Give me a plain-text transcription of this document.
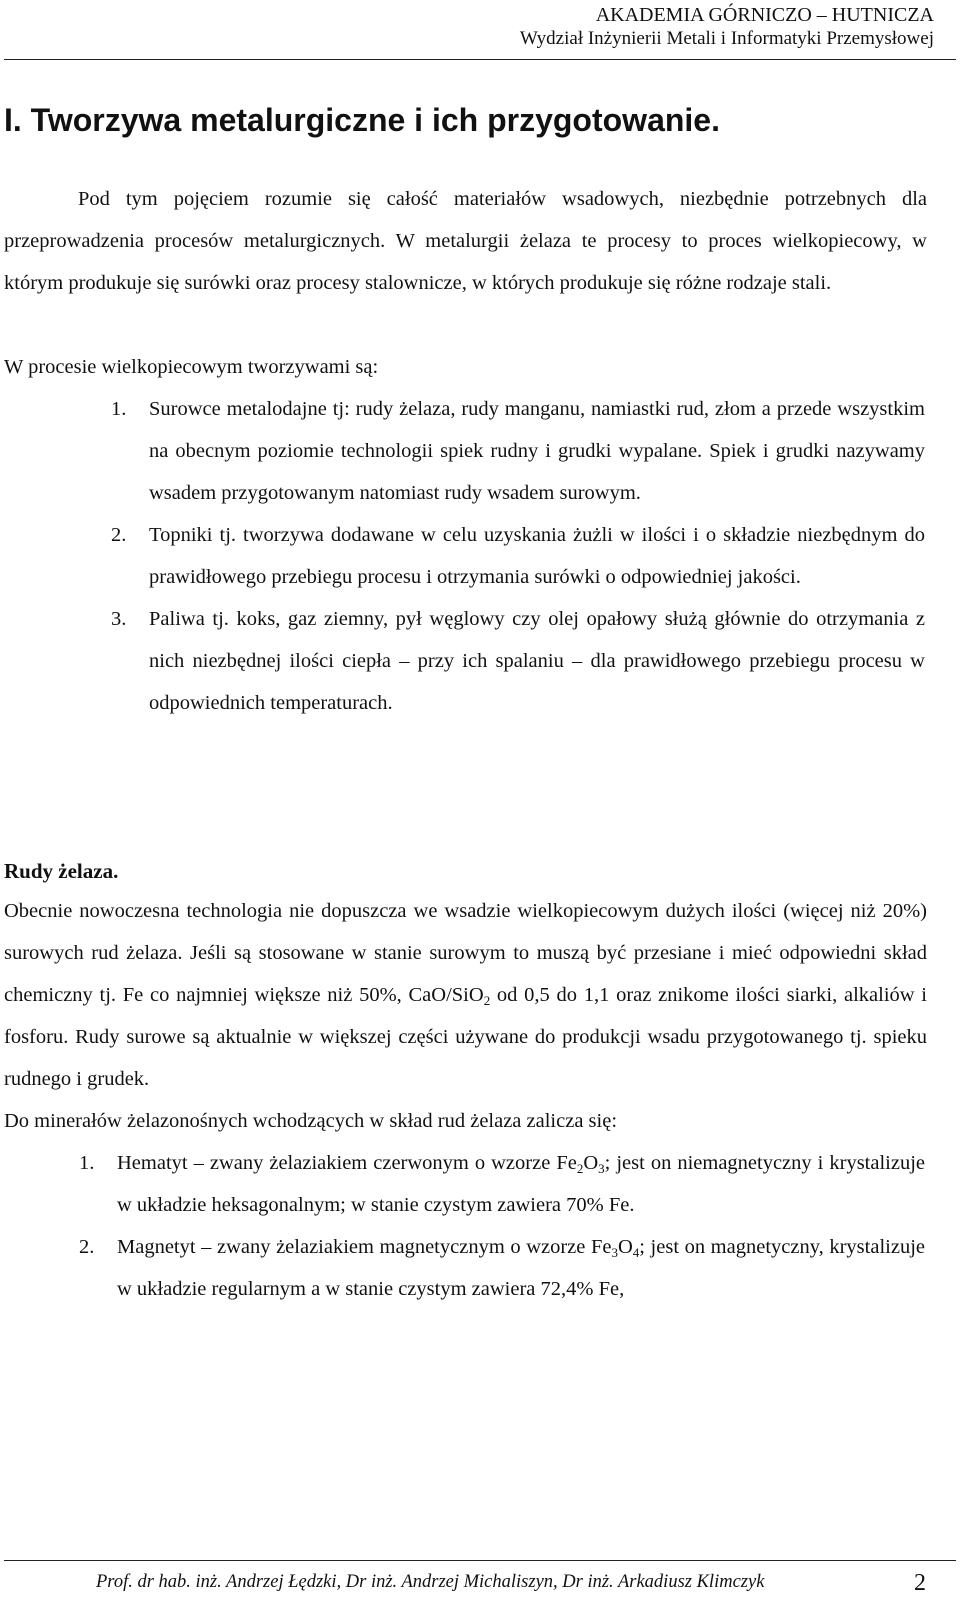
AKADEMIA GÓRNICZO – HUTNICZA
Wydział Inżynierii Metali i Informatyki Przemysłowej
I. Tworzywa metalurgiczne i ich przygotowanie.

Pod tym pojęciem rozumie się całość materiałów wsadowych, niezbędnie potrzebnych dla przeprowadzenia procesów metalurgicznych. W metalurgii żelaza te procesy to proces wielkopiecowy, w którym produkuje się surówki oraz procesy stalownicze, w których produkuje się różne rodzaje stali.

W procesie wielkopiecowym tworzywami są:

1. Surowce metalodajne tj: rudy żelaza, rudy manganu, namiastki rud, złom a przede wszystkim na obecnym poziomie technologii spiek rudny i grudki wypalane. Spiek i grudki nazywamy wsadem przygotowanym natomiast rudy wsadem surowym.
2. Topniki tj. tworzywa dodawane w celu uzyskania żużli w ilości i o składzie niezbędnym do prawidłowego przebiegu procesu i otrzymania surówki o odpowiedniej jakości.
3. Paliwa tj. koks, gaz ziemny, pył węglowy czy olej opałowy służą głównie do otrzymania z nich niezbędnej ilości ciepła – przy ich spalaniu – dla prawidłowego przebiegu procesu w odpowiednich temperaturach.
Rudy żelaza.

Obecnie nowoczesna technologia nie dopuszcza we wsadzie wielkopiecowym dużych ilości (więcej niż 20%) surowych rud żelaza. Jeśli są stosowane w stanie surowym to muszą być przesiane i mieć odpowiedni skład chemiczny tj. Fe co najmniej większe niż 50%, CaO/SiO$_2$ od 0,5 do 1,1 oraz znikome ilości siarki, alkaliów i fosforu. Rudy surowe są aktualnie w większej części używane do produkcji wsadu przygotowanego tj. spieku rudnego i grudek.

Do minerałów żelazonośnych wchodzących w skład rud żelaza zalicza się:

1. Hematyt – zwany żelaziakiem czerwonym o wzorze $Fe_2O_3$; jest on niemagnetyczny i krystalizuje w układzie heksagonalnym; w stanie czystym zawiera 70% Fe.
2. Magnetyt – zwany żelaziakiem magnetycznym o wzorze $Fe_3O_4$; jest on magnetyczny, krystalizuje w układzie regularnym a w stanie czystym zawiera 72,4% Fe,
Prof. dr hab. inż. Andrzej Łędzki, Dr inż. Andrzej Michaliszyn, Dr inż. Arkadiusz Klimczyk	2
